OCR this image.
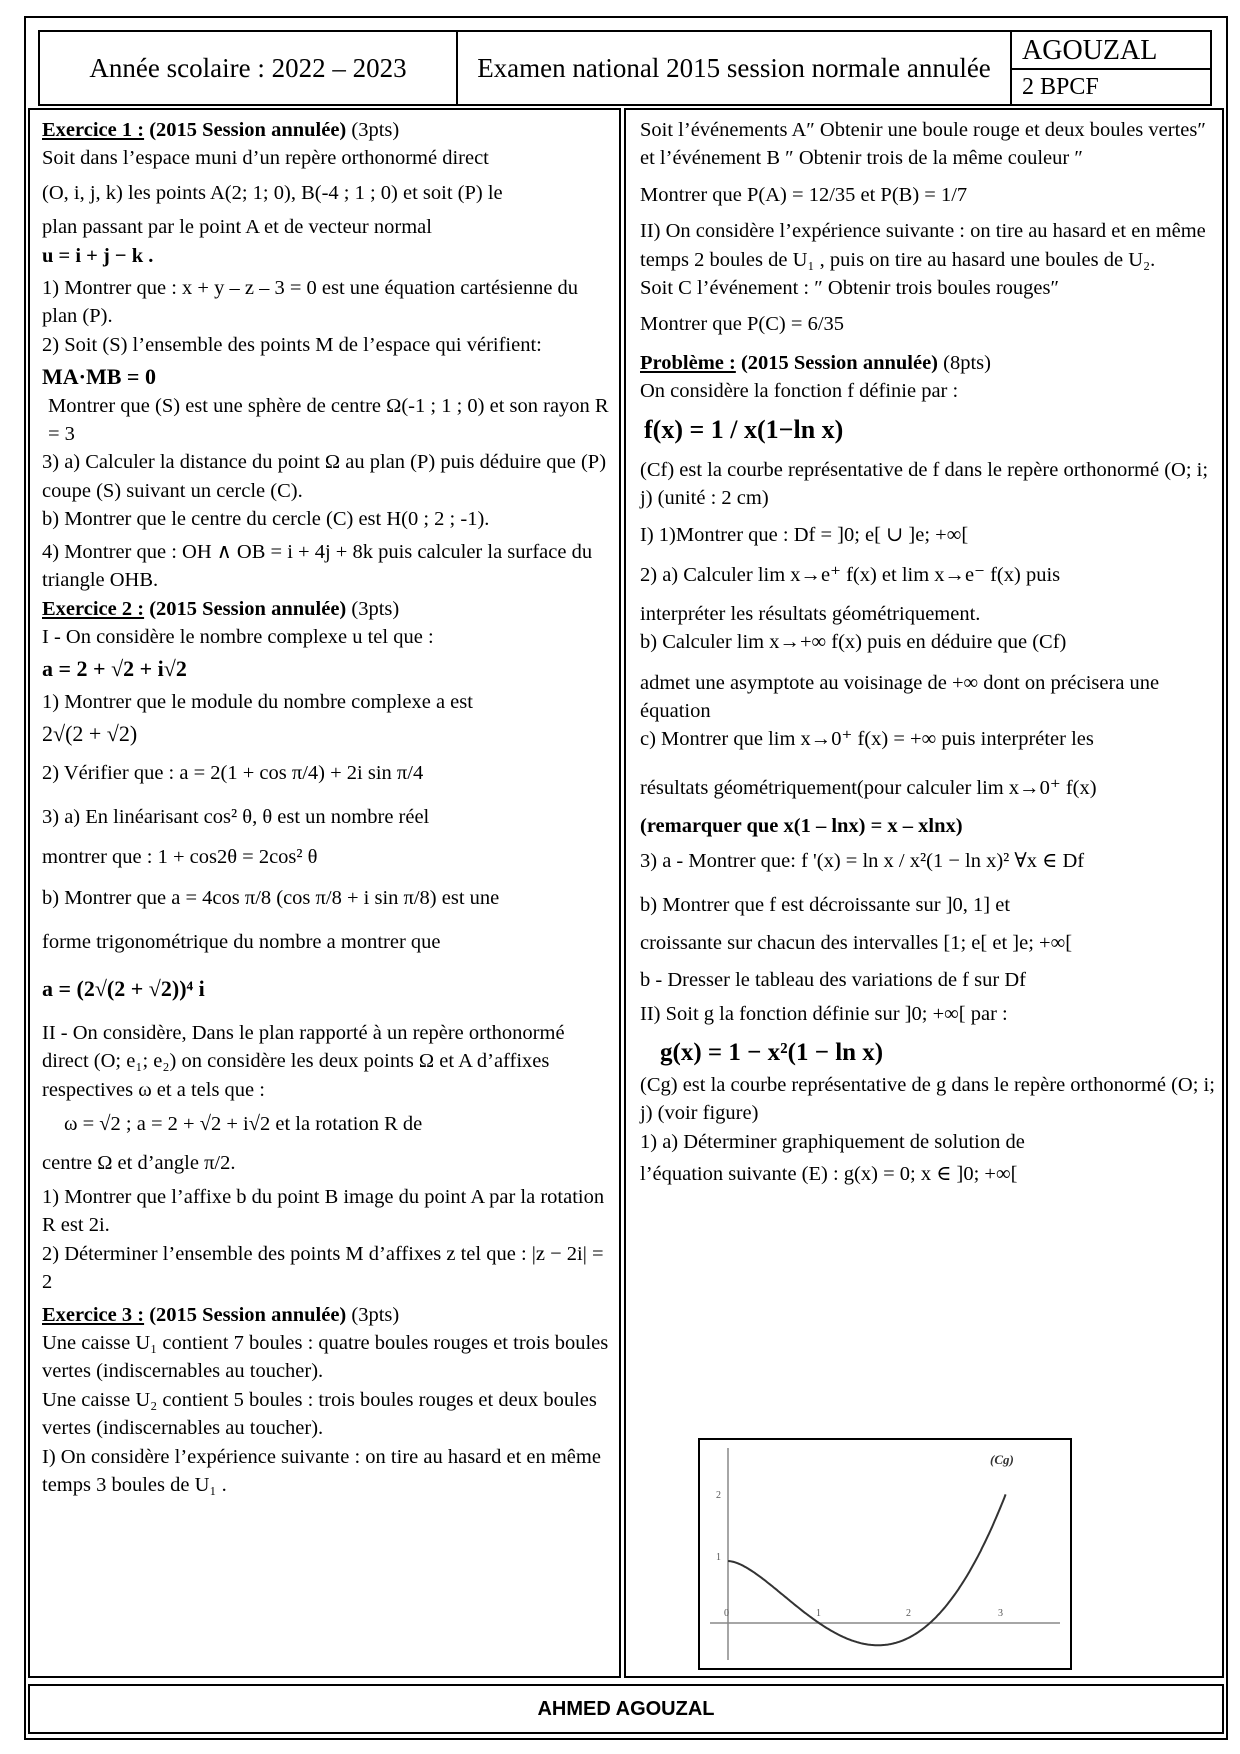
Année scolaire : 2022 – 2023	Examen national 2015 session normale annulée
AGOUZAL
2 BPCF

Exercice 1 : (2015 Session annulée) (3pts)

Soit dans l’espace muni d’un repère orthonormé direct

(O, i, j, k) les points A(2; 1; 0), B(-4 ; 1 ; 0) et soit (P) le

plan passant par le point A et de vecteur normal

u = i + j − k .

1) Montrer que : x + y – z – 3 = 0 est une équation cartésienne du plan (P).

2) Soit (S) l’ensemble des points M de l’espace qui vérifient:

MA·MB = 0

Montrer que (S) est une sphère de centre Ω(-1 ; 1 ; 0) et son rayon R = 3

3) a) Calculer la distance du point Ω au plan (P) puis déduire que (P) coupe (S) suivant un cercle (C).

b) Montrer que le centre du cercle (C) est H(0 ; 2 ; -1).

4) Montrer que : OH ∧ OB = i + 4j + 8k puis calculer la surface du triangle OHB.

Exercice 2 : (2015 Session annulée) (3pts)

I - On considère le nombre complexe u tel que :

a = 2 + √2 + i√2

1) Montrer que le module du nombre complexe a est

2√(2 + √2)

2) Vérifier que : a = 2(1 + cos π/4) + 2i sin π/4

3) a) En linéarisant cos² θ, θ est un nombre réel

montrer que : 1 + cos2θ = 2cos² θ

b) Montrer que a = 4cos π/8 (cos π/8 + i sin π/8) est une

forme trigonométrique du nombre a montrer que

a = (2√(2 + √2))⁴ i

II - On considère, Dans le plan rapporté à un repère orthonormé direct (O; e₁; e₂) on considère les deux points Ω et A d’affixes respectives ω et a tels que :

ω = √2 ; a = 2 + √2 + i√2 et la rotation R de

centre Ω et d’angle π/2.

1) Montrer que l’affixe b du point B image du point A par la rotation R est 2i.

2) Déterminer l’ensemble des points M d’affixes z tel que : |z − 2i| = 2

Exercice 3 : (2015 Session annulée) (3pts)

Une caisse U₁ contient 7 boules : quatre boules rouges et trois boules vertes (indiscernables au toucher).

Une caisse U₂ contient 5 boules : trois boules rouges et deux boules vertes (indiscernables au toucher).

I) On considère l’expérience suivante : on tire au hasard et en même temps 3 boules de U₁ .

Soit l’événements A″ Obtenir une boule rouge et deux boules vertes″ et l’événement B ″ Obtenir trois de la même couleur ″

Montrer que P(A) = 12/35 et P(B) = 1/7

II) On considère l’expérience suivante : on tire au hasard et en même temps 2 boules de U₁ , puis on tire au hasard une boules de U₂.

Soit C l’événement : ″ Obtenir trois boules rouges″

Montrer que P(C) = 6/35

Problème : (2015 Session annulée) (8pts)

On considère la fonction f définie par :

f(x) = 1 / x(1−ln x)

(Cf) est la courbe représentative de f dans le repère orthonormé (O; i; j) (unité : 2 cm)

I) 1)Montrer que : Df = ]0; e[ ∪ ]e; +∞[

2) a) Calculer lim x→e⁺ f(x) et lim x→e⁻ f(x) puis

interpréter les résultats géométriquement.

b) Calculer lim x→+∞ f(x) puis en déduire que (Cf)

admet une asymptote au voisinage de +∞ dont on précisera une équation

c) Montrer que lim x→0⁺ f(x) = +∞ puis interpréter les

résultats géométriquement(pour calculer lim x→0⁺ f(x)

(remarquer que x(1 – lnx) = x – xlnx)

3) a - Montrer que: f '(x) = ln x / x²(1 − ln x)² ∀x ∈ Df

b) Montrer que f est décroissante sur ]0, 1] et

croissante sur chacun des intervalles [1; e[ et ]e; +∞[

b - Dresser le tableau des variations de f sur Df

II) Soit g la fonction définie sur ]0; +∞[ par :

g(x) = 1 − x²(1 − ln x)

(Cg) est la courbe représentative de g dans le repère orthonormé (O; i; j) (voir figure)

1) a) Déterminer graphiquement de solution de

l’équation suivante (E) : g(x) = 0; x ∈ ]0; +∞[

0	1	2	3
1
2
(Cg)
AHMED AGOUZAL
